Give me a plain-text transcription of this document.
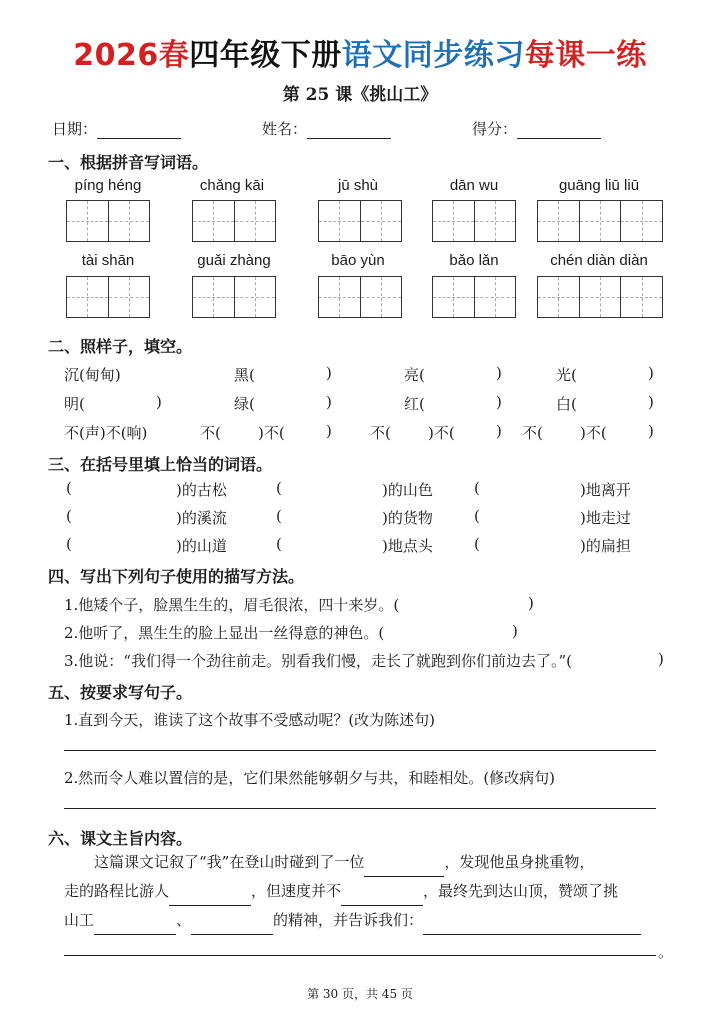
2026春四年级下册语文同步练习每课一练
第 25 课《挑山工》
日期：	姓名：	得分：
一、根据拼音写词语。
píng héng	chǎng kāi	jū shù	dān wu	guāng liū liū
tài shān	guǎi zhàng	bāo yùn	bǎo lǎn	chén diàn diàn
二、照样子，填空。
沉(甸甸)	黑(	)	亮(	)	光(	)
明(	)	绿(	)	红(	)	白(	)
不(声)不(响)	不( )不(	)	不( )不(	) 不( )不(	)
三、在括号里填上恰当的词语。
(	)的古松	(	)的山色	(	)地离开
(	)的溪流	(	)的货物	(	)地走过
(	)的山道	(	)地点头	(	)的扁担
四、写出下列句子使用的描写方法。
1.他矮个子，脸黑生生的，眉毛很浓，四十来岁。(	)
2.他听了，黑生生的脸上显出一丝得意的神色。(	)
3.他说：“我们得一个劲往前走。别看我们慢，走长了就跑到你们前边去了。”(	)
五、按要求写句子。
1.直到今天，谁读了这个故事不受感动呢？(改为陈述句)
2.然而令人难以置信的是，它们果然能够朝夕与共，和睦相处。(修改病句)
六、课文主旨内容。
这篇课文记叙了“我”在登山时碰到了一位	，发现他虽身挑重物，
走的路程比游人	，但速度并不	，最终先到达山顶，赞颂了挑
山工	、	的精神，并告诉我们：
。
第 30 页，共 45 页
